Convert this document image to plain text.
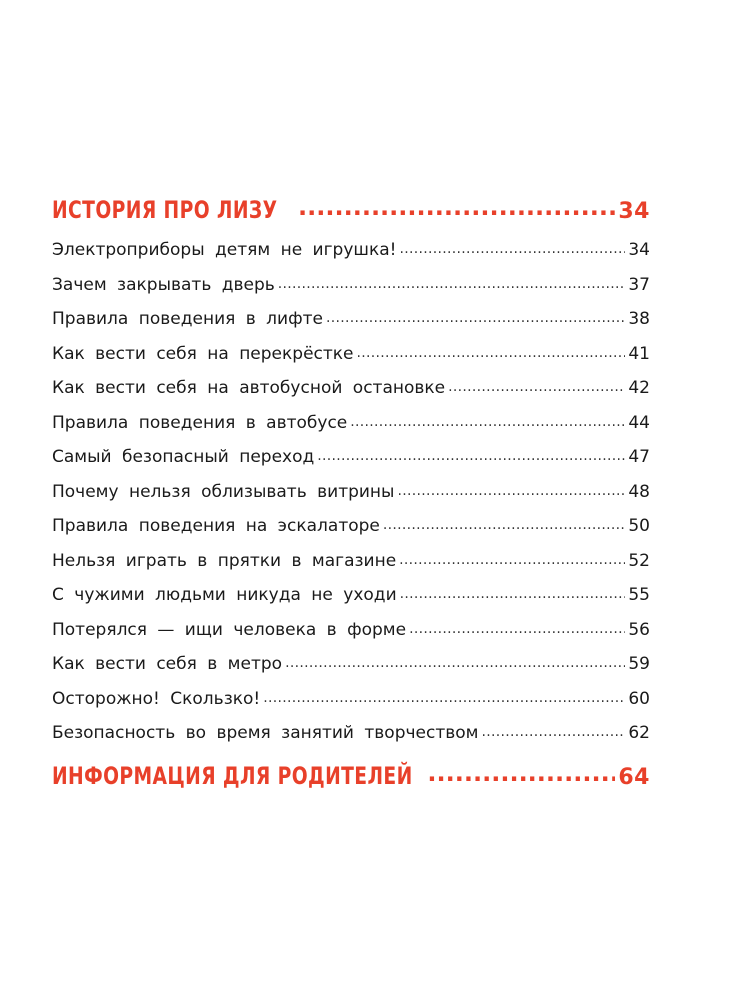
ИСТОРИЯ ПРО ЛИЗУ .....	34
Электроприборы детям не игрушка! .....	34
Зачем закрывать дверь .....	37
Правила поведения в лифте .....	38
Как вести себя на перекрёстке .....	41
Как вести себя на автобусной остановке .....	42
Правила поведения в автобусе .....	44
Самый безопасный переход .....	47
Почему нельзя облизывать витрины .....	48
Правила поведения на эскалаторе .....	50
Нельзя играть в прятки в магазине .....	52
С чужими людьми никуда не уходи .....	55
Потерялся — ищи человека в форме .....	56
Как вести себя в метро .....	59
Осторожно! Скользко! .....	60
Безопасность во время занятий творчеством .....	62
ИНФОРМАЦИЯ ДЛЯ РОДИТЕЛЕЙ .....	64
